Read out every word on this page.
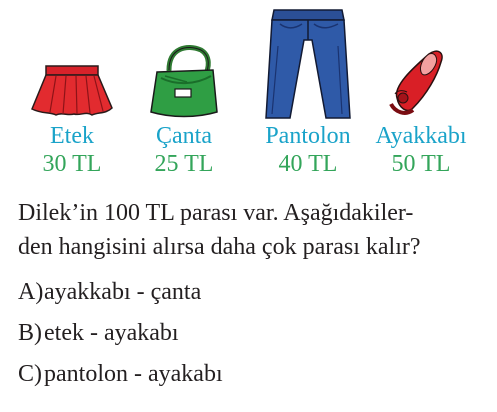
Etek
30 TL
Çanta
25 TL
Pantolon
40 TL
Ayakkabı
50 TL
Dilek’in 100 TL parası var. Aşağıdakiler-
den hangisini alırsa daha çok parası kalır?
A)ayakkabı - çanta
B)etek - ayakabı
C)pantolon - ayakabı
